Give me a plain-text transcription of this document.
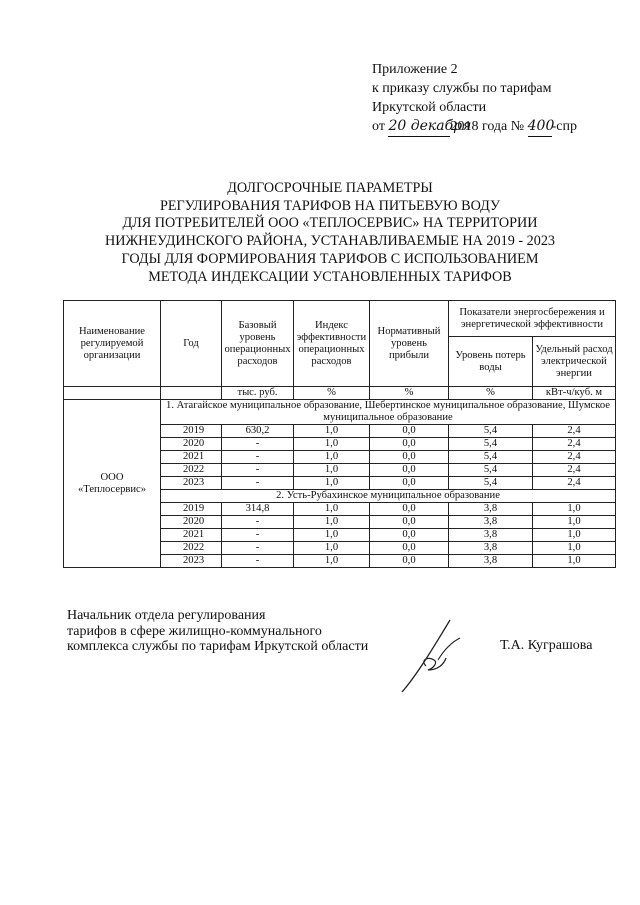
Приложение 2
к приказу службы по тарифам
Иркутской области
от 20 декабря2018 года № 400-спр
ДОЛГОСРОЧНЫЕ ПАРАМЕТРЫ
РЕГУЛИРОВАНИЯ ТАРИФОВ НА ПИТЬЕВУЮ ВОДУ
ДЛЯ ПОТРЕБИТЕЛЕЙ ООО «ТЕПЛОСЕРВИС» НА ТЕРРИТОРИИ
НИЖНЕУДИНСКОГО РАЙОНА, УСТАНАВЛИВАЕМЫЕ НА 2019 - 2023
ГОДЫ ДЛЯ ФОРМИРОВАНИЯ ТАРИФОВ С ИСПОЛЬЗОВАНИЕМ
МЕТОДА ИНДЕКСАЦИИ УСТАНОВЛЕННЫХ ТАРИФОВ
Наименование регулируемой организации	Год	Базовый уровень операционных расходов	Индекс эффективности операционных расходов	Нормативный уровень прибыли	Показатели энергосбережения и энергетической эффективности	
					Уровень потерь воды	Удельный расход электрической энергии

		тыс. руб.	%	%	%	кВт-ч/куб. м
ООО «Теплосервис»	1. Атагайское муниципальное образование, Шебертинское муниципальное образование, Шумское муниципальное образование					
	2019	630,2	1,0	0,0	5,4	2,4
	2020	-	1,0	0,0	5,4	2,4
	2021	-	1,0	0,0	5,4	2,4
	2022	-	1,0	0,0	5,4	2,4
	2023	-	1,0	0,0	5,4	2,4
	2. Усть-Рубахинское муниципальное образование					
	2019	314,8	1,0	0,0	3,8	1,0
	2020	-	1,0	0,0	3,8	1,0
	2021	-	1,0	0,0	3,8	1,0
	2022	-	1,0	0,0	3,8	1,0
	2023	-	1,0	0,0	3,8	1,0
Начальник отдела регулирования
тарифов в сфере жилищно-коммунального
комплекса службы по тарифам Иркутской области	Т.А. Куграшова
